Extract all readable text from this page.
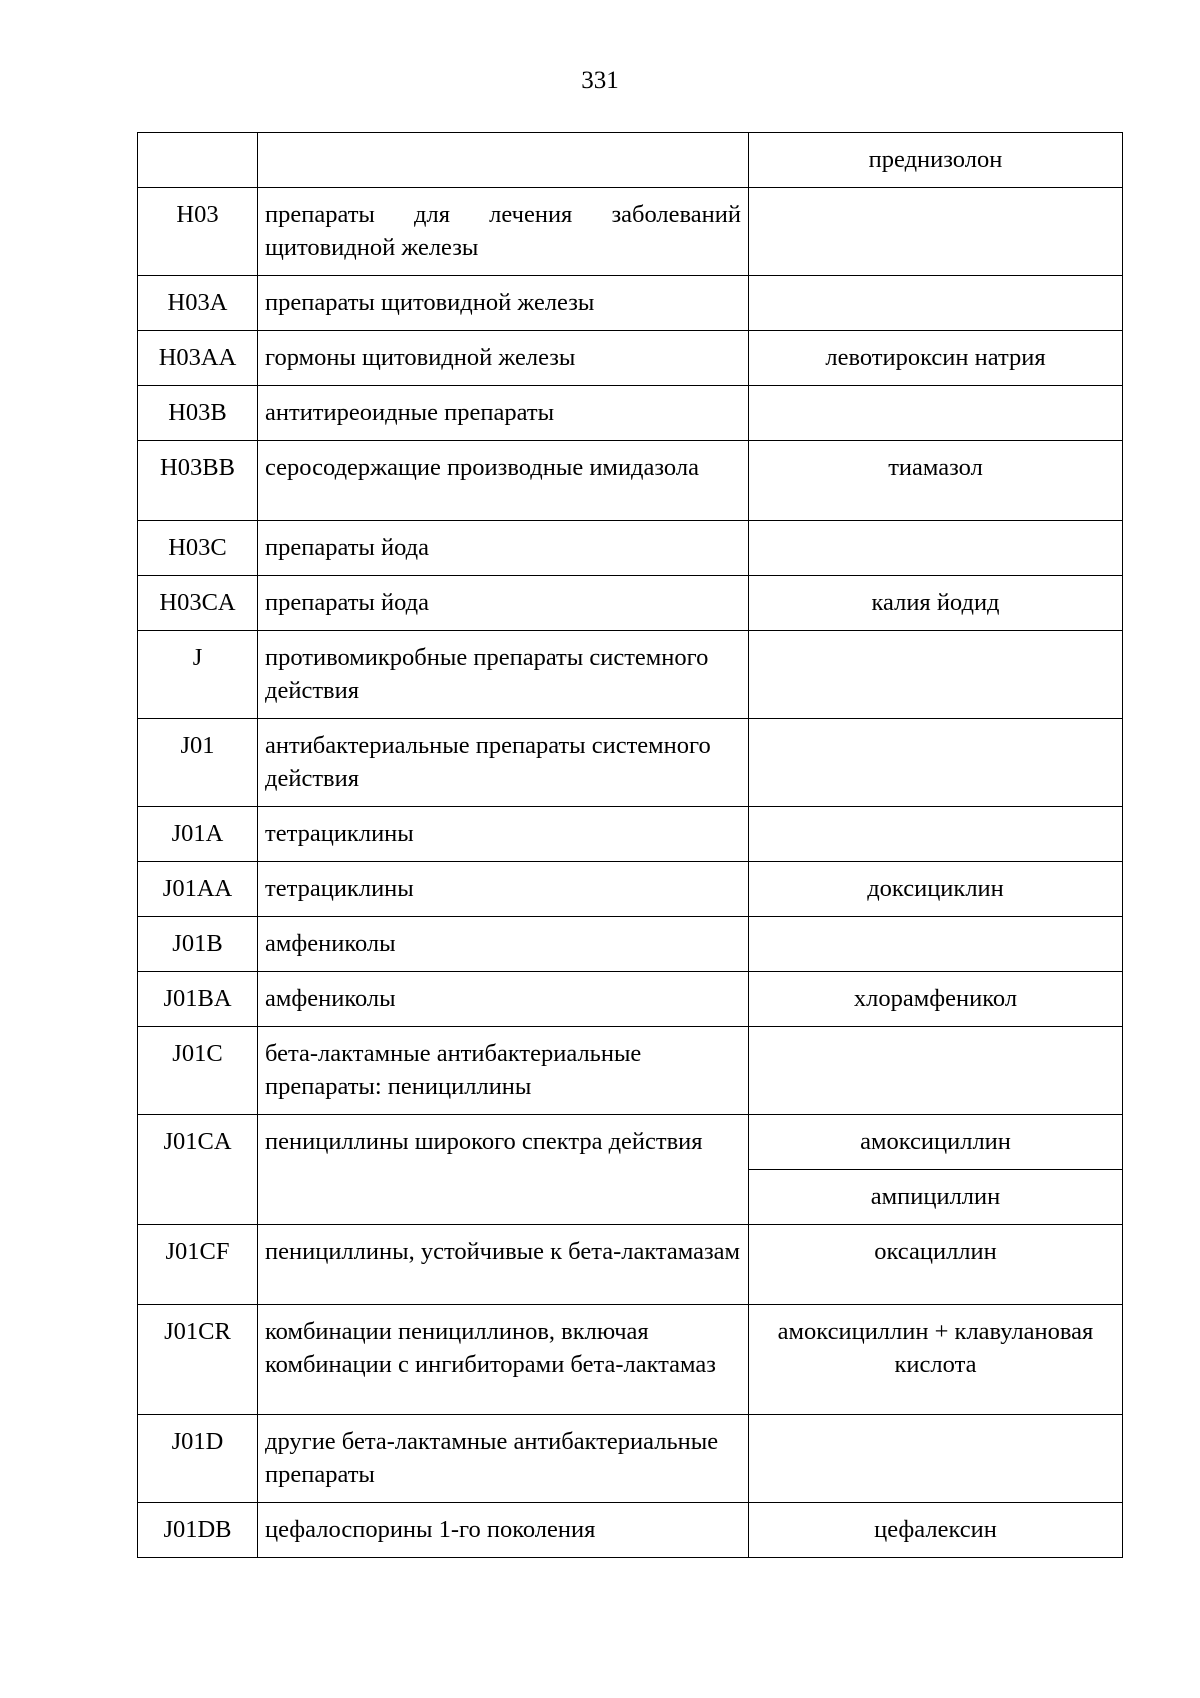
331
		преднизолон
H03	препараты для лечения заболеваний
щитовидной железы	
H03A	препараты щитовидной железы	
H03AA	гормоны щитовидной железы	левотироксин натрия
H03B	антитиреоидные препараты	
H03BB	серосодержащие производные имидазола	тиамазол
H03C	препараты йода	
H03CA	препараты йода	калия йодид
J	противомикробные препараты системного действия	
J01	антибактериальные препараты системного действия	
J01A	тетрациклины	
J01AA	тетрациклины	доксициклин
J01B	амфениколы	
J01BA	амфениколы	хлорамфеникол
J01C	бета-лактамные антибактериальные препараты: пенициллины	
J01CA	пенициллины широкого спектра действия	амоксициллин
		ампициллин
J01CF	пенициллины, устойчивые к бета-лактамазам	оксациллин
J01CR	комбинации пенициллинов, включая комбинации с ингибиторами бета-лактамаз	амоксициллин + клавулановая кислота
J01D	другие бета-лактамные антибактериальные препараты	
J01DB	цефалоспорины 1-го поколения	цефалексин
